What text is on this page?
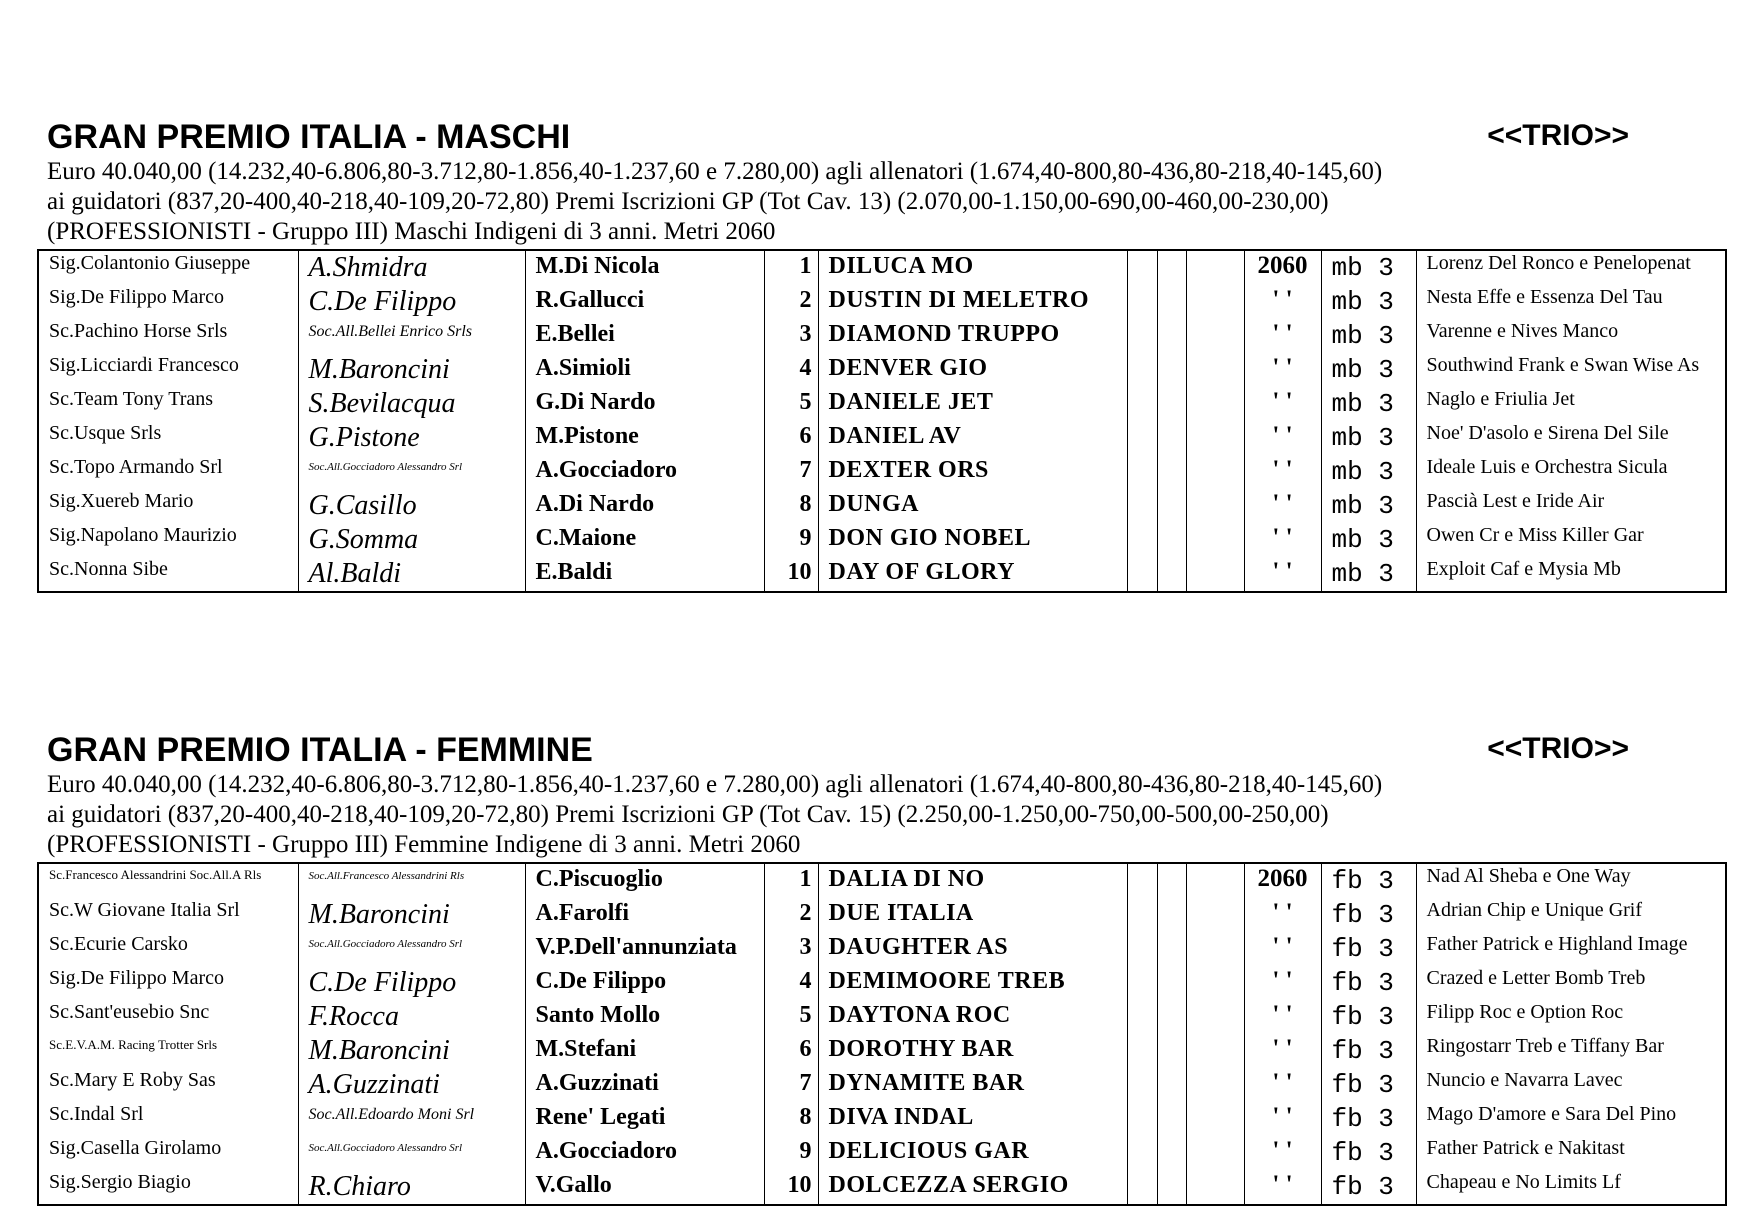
GRAN PREMIO ITALIA - MASCHI	<<TRIO>>
Euro 40.040,00 (14.232,40-6.806,80-3.712,80-1.856,40-1.237,60 e 7.280,00) agli allenatori (1.674,40-800,80-436,80-218,40-145,60)
ai guidatori (837,20-400,40-218,40-109,20-72,80) Premi Iscrizioni GP (Tot Cav. 13) (2.070,00-1.150,00-690,00-460,00-230,00)
(PROFESSIONISTI - Gruppo III) Maschi Indigeni di 3 anni. Metri 2060
Sig.Colantonio Giuseppe	A.Shmidra	M.Di Nicola	1	DILUCA MO				2060	mb 3	Lorenz Del Ronco e Penelopenat
Sig.De Filippo Marco	C.De Filippo	R.Gallucci	2	DUSTIN DI MELETRO				' '	mb 3	Nesta Effe e Essenza Del Tau
Sc.Pachino Horse Srls	Soc.All.Bellei Enrico Srls	E.Bellei	3	DIAMOND TRUPPO				' '	mb 3	Varenne e Nives Manco
Sig.Licciardi Francesco	M.Baroncini	A.Simioli	4	DENVER GIO				' '	mb 3	Southwind Frank e Swan Wise As
Sc.Team Tony Trans	S.Bevilacqua	G.Di Nardo	5	DANIELE JET				' '	mb 3	Naglo e Friulia Jet
Sc.Usque Srls	G.Pistone	M.Pistone	6	DANIEL AV				' '	mb 3	Noe' D'asolo e Sirena Del Sile
Sc.Topo Armando Srl	Soc.All.Gocciadoro Alessandro Srl	A.Gocciadoro	7	DEXTER ORS				' '	mb 3	Ideale Luis e Orchestra Sicula
Sig.Xuereb Mario	G.Casillo	A.Di Nardo	8	DUNGA				' '	mb 3	Pascià Lest e Iride Air
Sig.Napolano Maurizio	G.Somma	C.Maione	9	DON GIO NOBEL				' '	mb 3	Owen Cr e Miss Killer Gar
Sc.Nonna Sibe	Al.Baldi	E.Baldi	10	DAY OF GLORY				' '	mb 3	Exploit Caf e Mysia Mb
GRAN PREMIO ITALIA - FEMMINE	<<TRIO>>
Euro 40.040,00 (14.232,40-6.806,80-3.712,80-1.856,40-1.237,60 e 7.280,00) agli allenatori (1.674,40-800,80-436,80-218,40-145,60)
ai guidatori (837,20-400,40-218,40-109,20-72,80) Premi Iscrizioni GP (Tot Cav. 15) (2.250,00-1.250,00-750,00-500,00-250,00)
(PROFESSIONISTI - Gruppo III) Femmine Indigene di 3 anni. Metri 2060
Sc.Francesco Alessandrini Soc.All.A Rls	Soc.All.Francesco Alessandrini Rls	C.Piscuoglio	1	DALIA DI NO				2060	fb 3	Nad Al Sheba e One Way
Sc.W Giovane Italia Srl	M.Baroncini	A.Farolfi	2	DUE ITALIA				' '	fb 3	Adrian Chip e Unique Grif
Sc.Ecurie Carsko	Soc.All.Gocciadoro Alessandro Srl	V.P.Dell'annunziata	3	DAUGHTER AS				' '	fb 3	Father Patrick e Highland Image
Sig.De Filippo Marco	C.De Filippo	C.De Filippo	4	DEMIMOORE TREB				' '	fb 3	Crazed e Letter Bomb Treb
Sc.Sant'eusebio Snc	F.Rocca	Santo Mollo	5	DAYTONA ROC				' '	fb 3	Filipp Roc e Option Roc
Sc.E.V.A.M. Racing Trotter Srls	M.Baroncini	M.Stefani	6	DOROTHY BAR				' '	fb 3	Ringostarr Treb e Tiffany Bar
Sc.Mary E Roby Sas	A.Guzzinati	A.Guzzinati	7	DYNAMITE BAR				' '	fb 3	Nuncio e Navarra Lavec
Sc.Indal Srl	Soc.All.Edoardo Moni Srl	Rene' Legati	8	DIVA INDAL				' '	fb 3	Mago D'amore e Sara Del Pino
Sig.Casella Girolamo	Soc.All.Gocciadoro Alessandro Srl	A.Gocciadoro	9	DELICIOUS GAR				' '	fb 3	Father Patrick e Nakitast
Sig.Sergio Biagio	R.Chiaro	V.Gallo	10	DOLCEZZA SERGIO				' '	fb 3	Chapeau e No Limits Lf
